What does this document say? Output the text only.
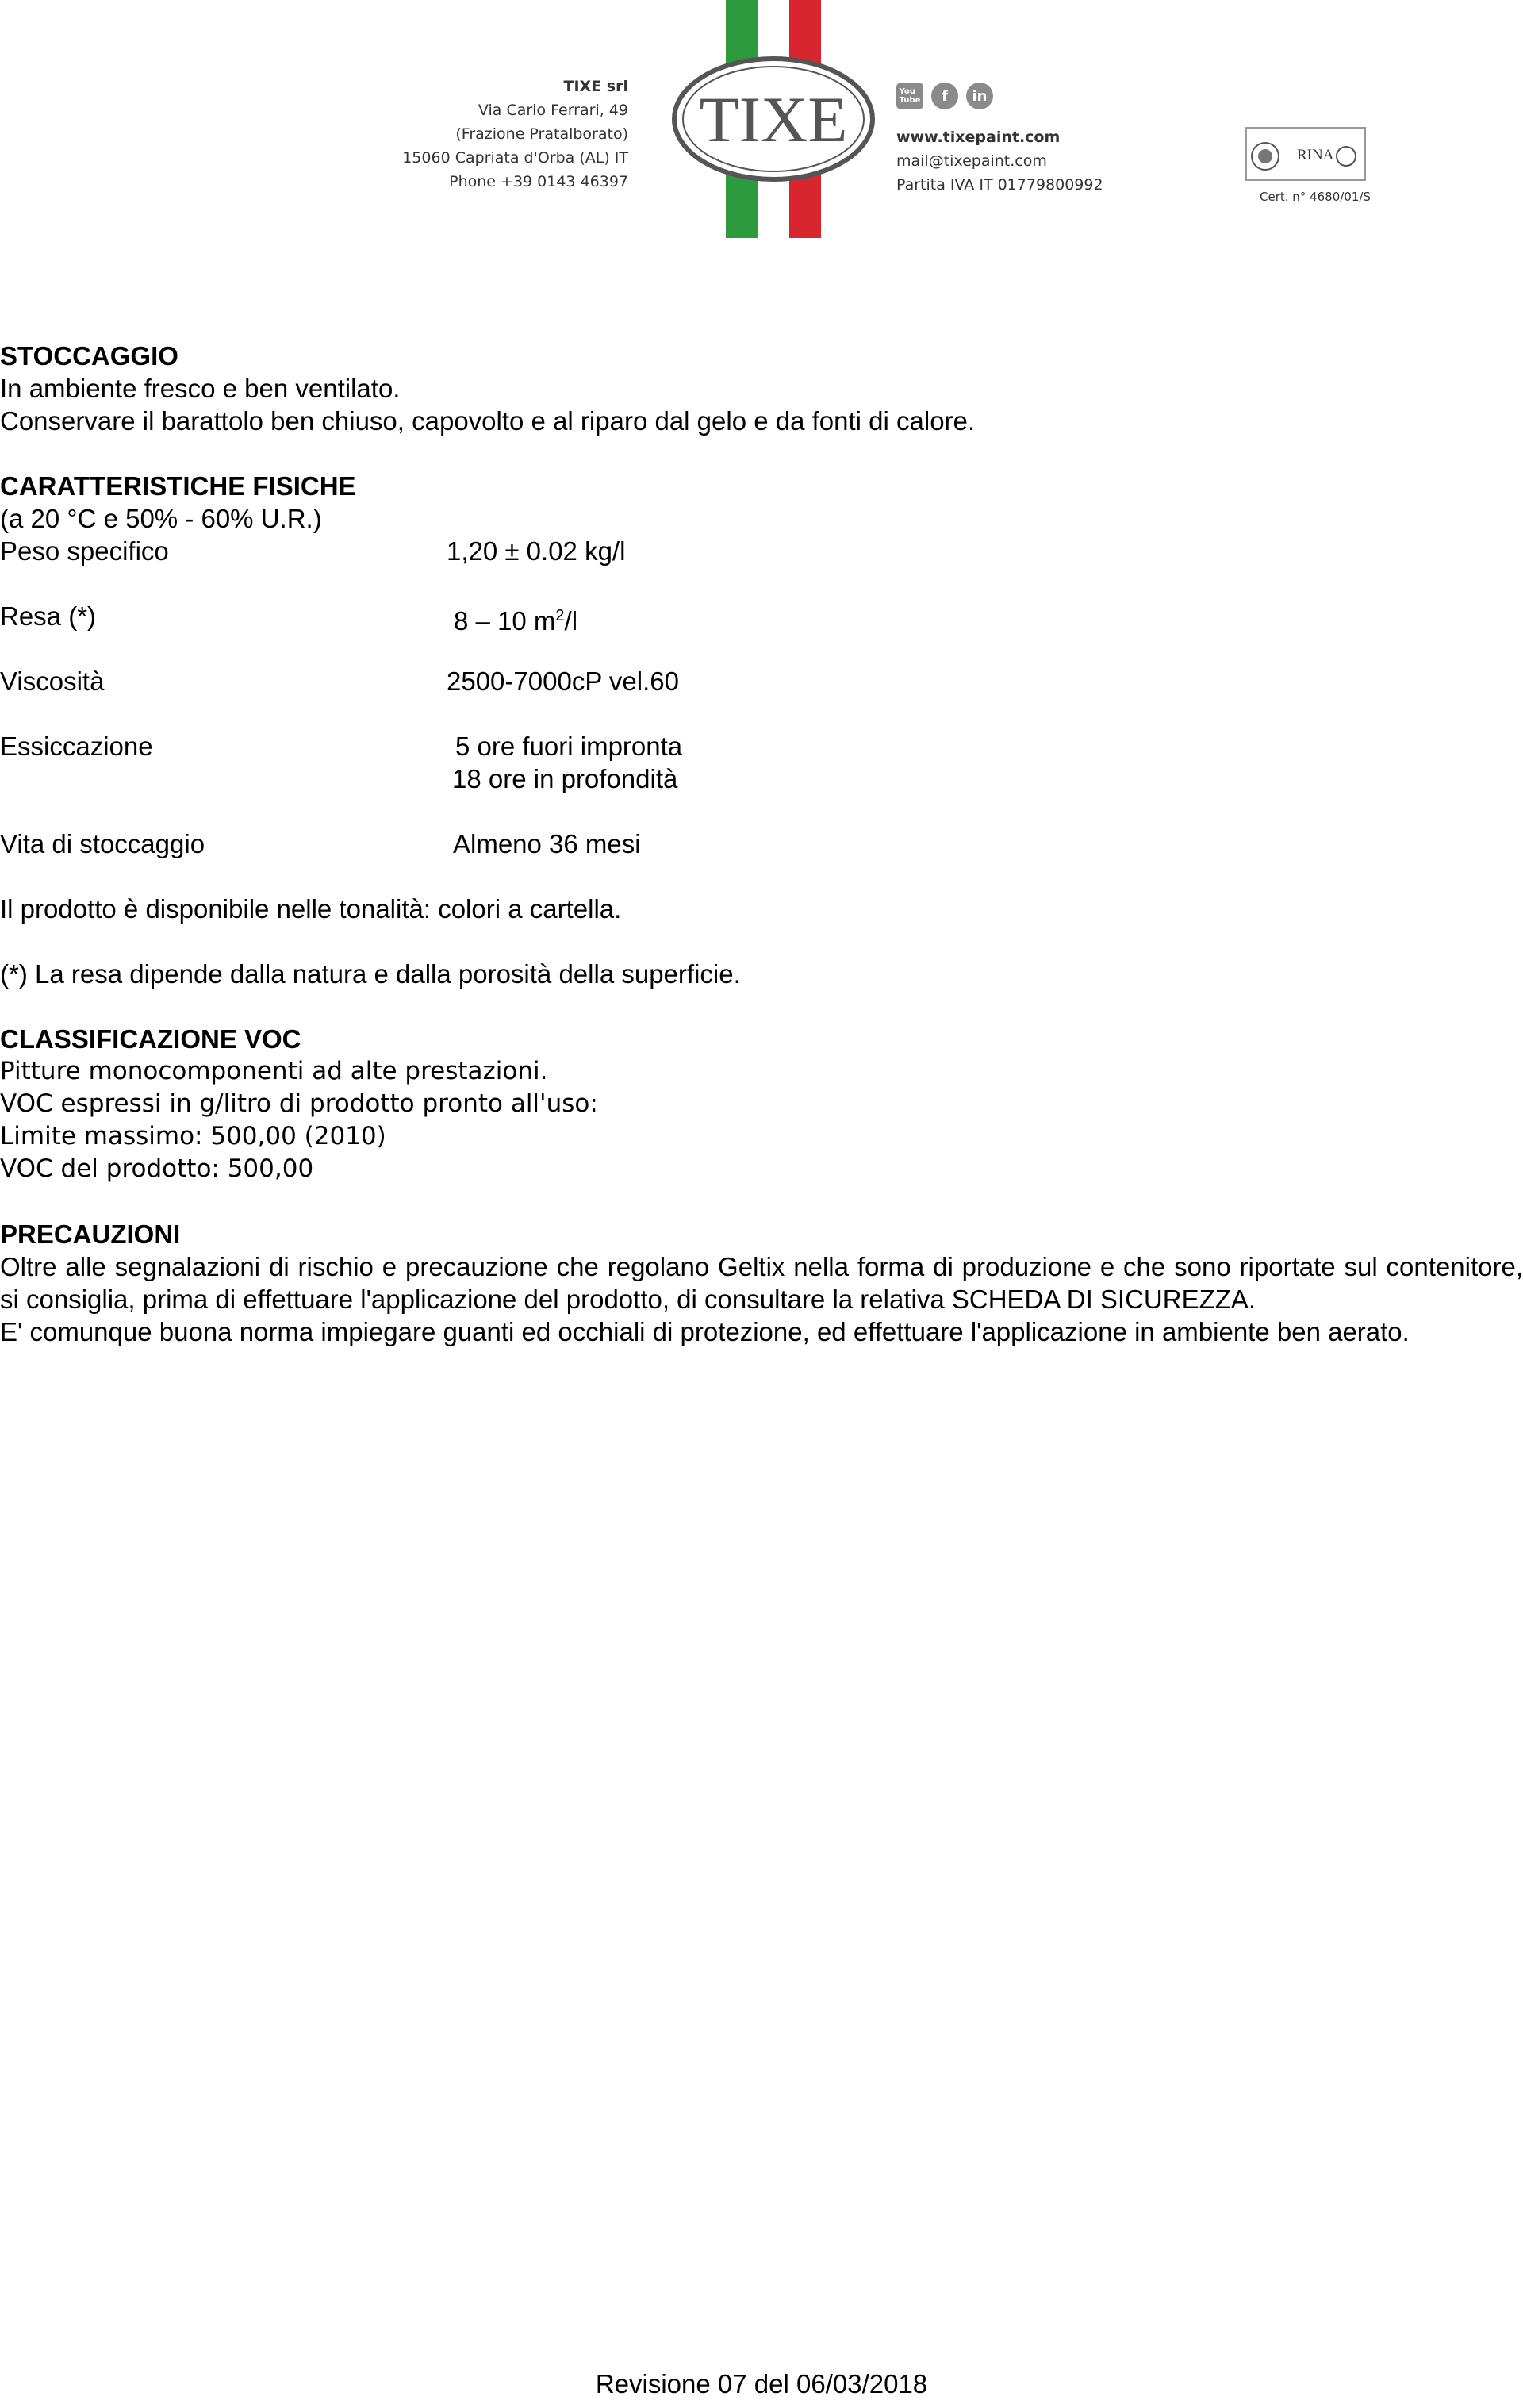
TIXE srl
Via Carlo Ferrari, 49
(Frazione Pratalborato)
15060 Capriata d'Orba (AL) IT
Phone +39 0143 46397
TIXE	You
Tube	f	in
www.tixepaint.com
mail@tixepaint.com
Partita IVA IT 01779800992
RINA
Cert. n° 4680/01/S

STOCCAGGIO

In ambiente fresco e ben ventilato.

Conservare il barattolo ben chiuso, capovolto e al riparo dal gelo e da fonti di calore.

CARATTERISTICHE FISICHE

(a 20 °C e 50% - 60% U.R.)

Peso specifico	1,20 ± 0.02 kg/l
Resa (*)	8 – 10 $m^2/l$
Viscosità	2500-7000cP vel.60
Essiccazione	5 ore fuori impronta
18 ore in profondità
Vita di stoccaggio	Almeno 36 mesi

Il prodotto è disponibile nelle tonalità: colori a cartella.

(*) La resa dipende dalla natura e dalla porosità della superficie.

CLASSIFICAZIONE VOC

Pitture monocomponenti ad alte prestazioni.

VOC espressi in g/litro di prodotto pronto all'uso:

Limite massimo: 500,00 (2010)

VOC del prodotto: 500,00

PRECAUZIONI

Oltre alle segnalazioni di rischio e precauzione che regolano Geltix nella forma di produzione e che sono riportate sul contenitore, si consiglia, prima di effettuare l'applicazione del prodotto, di consultare la relativa SCHEDA DI SICUREZZA.

E' comunque buona norma impiegare guanti ed occhiali di protezione, ed effettuare l'applicazione in ambiente ben aerato.

Revisione 07 del 06/03/2018
